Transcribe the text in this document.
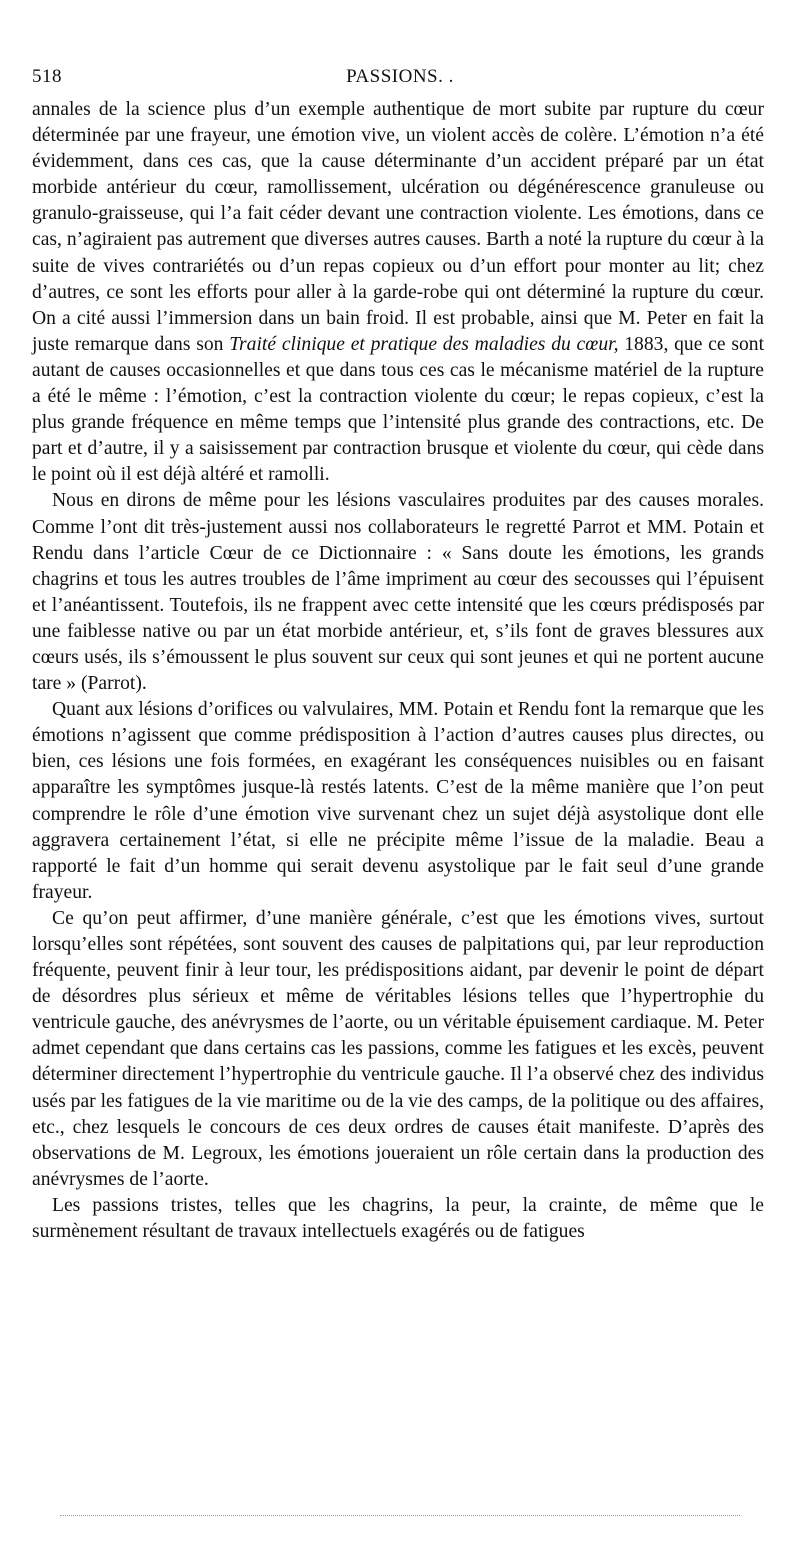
518	PASSIONS. .

annales de la science plus d’un exemple authentique de mort subite par rupture du cœur déterminée par une frayeur, une émotion vive, un violent accès de colère. L’émotion n’a été évidemment, dans ces cas, que la cause déterminante d’un accident préparé par un état morbide antérieur du cœur, ramollissement, ulcération ou dégénérescence granuleuse ou granulo-graisseuse, qui l’a fait céder devant une contraction violente. Les émotions, dans ce cas, n’agiraient pas autrement que diverses autres causes. Barth a noté la rupture du cœur à la suite de vives contrariétés ou d’un repas copieux ou d’un effort pour monter au lit; chez d’autres, ce sont les efforts pour aller à la garde-robe qui ont déterminé la rupture du cœur. On a cité aussi l’immersion dans un bain froid. Il est probable, ainsi que M. Peter en fait la juste remarque dans son Traité clinique et pratique des maladies du cœur, 1883, que ce sont autant de causes occasionnelles et que dans tous ces cas le mécanisme matériel de la rupture a été le même : l’émotion, c’est la contraction violente du cœur; le repas copieux, c’est la plus grande fréquence en même temps que l’intensité plus grande des contractions, etc. De part et d’autre, il y a saisissement par contraction brusque et violente du cœur, qui cède dans le point où il est déjà altéré et ramolli.

Nous en dirons de même pour les lésions vasculaires produites par des causes morales. Comme l’ont dit très-justement aussi nos collaborateurs le regretté Parrot et MM. Potain et Rendu dans l’article Cœur de ce Dictionnaire : « Sans doute les émotions, les grands chagrins et tous les autres troubles de l’âme impriment au cœur des secousses qui l’épuisent et l’anéantissent. Toutefois, ils ne frappent avec cette intensité que les cœurs prédisposés par une faiblesse native ou par un état morbide antérieur, et, s’ils font de graves blessures aux cœurs usés, ils s’émoussent le plus souvent sur ceux qui sont jeunes et qui ne portent aucune tare » (Parrot).

Quant aux lésions d’orifices ou valvulaires, MM. Potain et Rendu font la remarque que les émotions n’agissent que comme prédisposition à l’action d’autres causes plus directes, ou bien, ces lésions une fois formées, en exagérant les conséquences nuisibles ou en faisant apparaître les symptômes jusque-là restés latents. C’est de la même manière que l’on peut comprendre le rôle d’une émotion vive survenant chez un sujet déjà asystolique dont elle aggravera certainement l’état, si elle ne précipite même l’issue de la maladie. Beau a rapporté le fait d’un homme qui serait devenu asystolique par le fait seul d’une grande frayeur.

Ce qu’on peut affirmer, d’une manière générale, c’est que les émotions vives, surtout lorsqu’elles sont répétées, sont souvent des causes de palpitations qui, par leur reproduction fréquente, peuvent finir à leur tour, les prédispositions aidant, par devenir le point de départ de désordres plus sérieux et même de véritables lésions telles que l’hypertrophie du ventricule gauche, des anévrysmes de l’aorte, ou un véritable épuisement cardiaque. M. Peter admet cependant que dans certains cas les passions, comme les fatigues et les excès, peuvent déterminer directement l’hypertrophie du ventricule gauche. Il l’a observé chez des individus usés par les fatigues de la vie maritime ou de la vie des camps, de la politique ou des affaires, etc., chez lesquels le concours de ces deux ordres de causes était manifeste. D’après des observations de M. Legroux, les émotions joueraient un rôle certain dans la production des anévrysmes de l’aorte.

Les passions tristes, telles que les chagrins, la peur, la crainte, de même que le surmènement résultant de travaux intellectuels exagérés ou de fatigues
